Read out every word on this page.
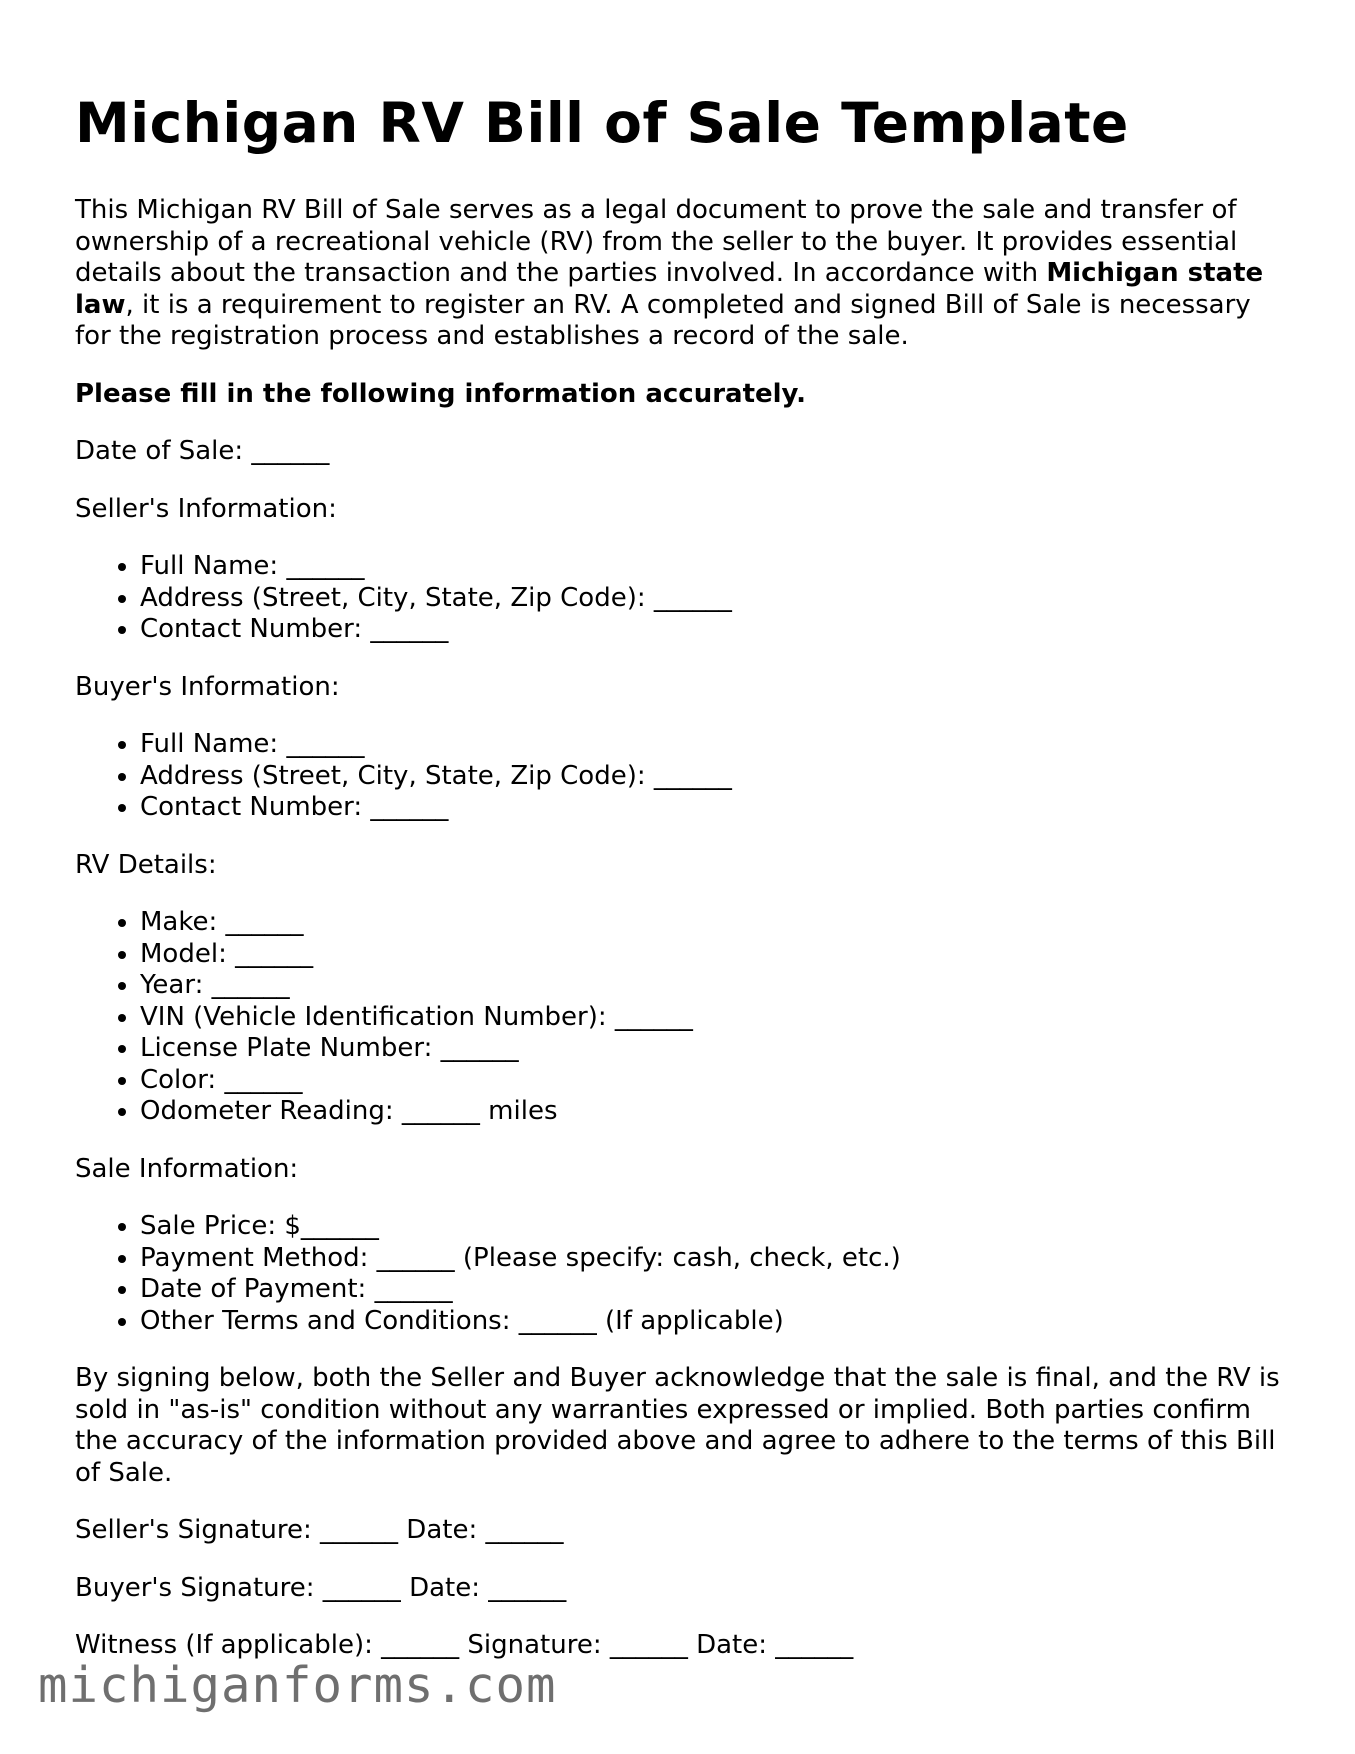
Michigan RV Bill of Sale Template

This Michigan RV Bill of Sale serves as a legal document to prove the sale and transfer of ownership of a recreational vehicle (RV) from the seller to the buyer. It provides essential details about the transaction and the parties involved. In accordance with Michigan state law, it is a requirement to register an RV. A completed and signed Bill of Sale is necessary for the registration process and establishes a record of the sale.

Please fill in the following information accurately.

Date of Sale: ______

Seller's Information:

• Full Name: ______
• Address (Street, City, State, Zip Code): ______
• Contact Number: ______

Buyer's Information:

• Full Name: ______
• Address (Street, City, State, Zip Code): ______
• Contact Number: ______

RV Details:

• Make: ______
• Model: ______
• Year: ______
• VIN (Vehicle Identification Number): ______
• License Plate Number: ______
• Color: ______
• Odometer Reading: ______ miles

Sale Information:

• Sale Price: $______
• Payment Method: ______ (Please specify: cash, check, etc.)
• Date of Payment: ______
• Other Terms and Conditions: ______ (If applicable)

By signing below, both the Seller and Buyer acknowledge that the sale is final, and the RV is sold in "as-is" condition without any warranties expressed or implied. Both parties confirm the accuracy of the information provided above and agree to adhere to the terms of this Bill of Sale.

Seller's Signature: ______ Date: ______

Buyer's Signature: ______ Date: ______

Witness (If applicable): ______ Signature: ______ Date: ______

michiganforms.com
